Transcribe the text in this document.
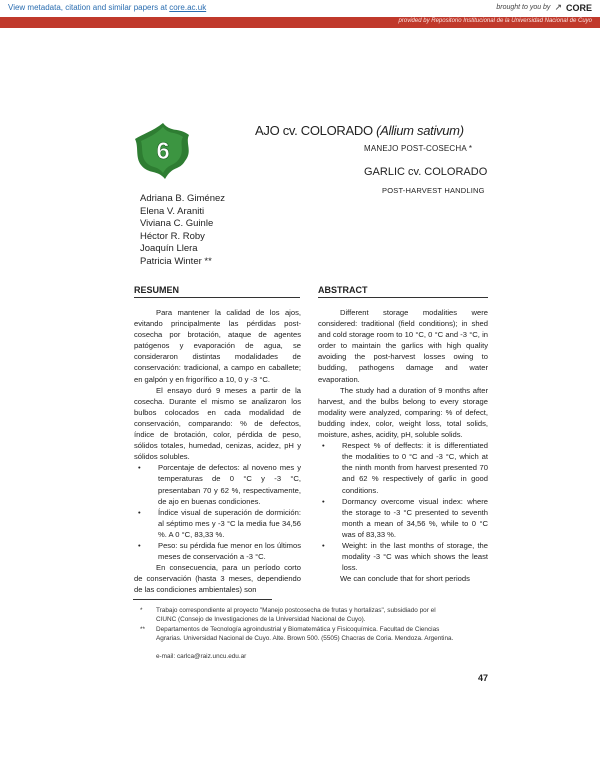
View metadata, citation and similar papers at core.ac.uk	brought to you by ↗ CORE
provided by Repositorio Institucional de la Universidad Nacional de Cuyo
6
AJO cv. COLORADO (Allium sativum)
MANEJO POST-COSECHA *
GARLIC cv. COLORADO
POST-HARVEST HANDLING
Adriana B. Giménez
Elena V. Araniti
Viviana C. Guinle
Héctor R. Roby
Joaquín Llera
Patricia Winter **
RESUMEN	ABSTRACT

Para mantener la calidad de los ajos, evitando principalmente las pérdidas post-cosecha por brotación, ataque de agentes patógenos y evaporación de agua, se consideraron distintas modalidades de conservación: tradicional, a campo en caballete; en galpón y en frigorífico a 10, 0 y -3 °C.

El ensayo duró 9 meses a partir de la cosecha. Durante el mismo se analizaron los bulbos colocados en cada modalidad de conservación, comparando: % de defectos, índice de brotación, color, pérdida de peso, sólidos totales, humedad, cenizas, acidez, pH y sólidos solubles.

• Porcentaje de defectos: al noveno mes y temperaturas de 0 °C y -3 °C, presentaban 70 y 62 %, respectivamente, de ajo en buenas condiciones.
• Índice visual de superación de dormición: al séptimo mes y -3 °C la media fue 34,56 %. A 0 °C, 83,33 %.
• Peso: su pérdida fue menor en los últimos meses de conservación a -3 °C.

En consecuencia, para un período corto de conservación (hasta 3 meses, dependiendo de las condiciones ambientales) son

Different storage modalities were considered: traditional (field conditions); in shed and cold storage room to 10 °C, 0 °C and -3 °C, in order to maintain the garlics with high quality avoiding the post-harvest losses owing to budding, pathogens damage and water evaporation.

The study had a duration of 9 months after harvest, and the bulbs belong to every storage modality were analyzed, comparing: % of defect, budding index, color, weight loss, total solids, moisture, ashes, acidity, pH, soluble solids.

• Respect % of deffects: it is differentiated the modalities to 0 °C and -3 °C, which at the ninth month from harvest presented 70 and 62 % respectively of garlic in good conditions.
• Dormancy overcome visual index: where the storage to -3 °C presented to seventh month a mean of 34,56 %, while to 0 °C was of 83,33 %.
• Weight: in the last months of storage, the modality -3 °C was which shows the least loss.

We can conclude that for short periods

* Trabajo correspondiente al proyecto "Manejo postcosecha de frutas y hortalizas", subsidiado por el CIUNC (Consejo de Investigaciones de la Universidad Nacional de Cuyo).
** Departamentos de Tecnología agroindustrial y Biomatemática y Fisicoquímica. Facultad de Ciencias Agrarias. Universidad Nacional de Cuyo. Alte. Brown 500. (5505) Chacras de Coria. Mendoza. Argentina.
e-mail: carlca@raiz.uncu.edu.ar
47
